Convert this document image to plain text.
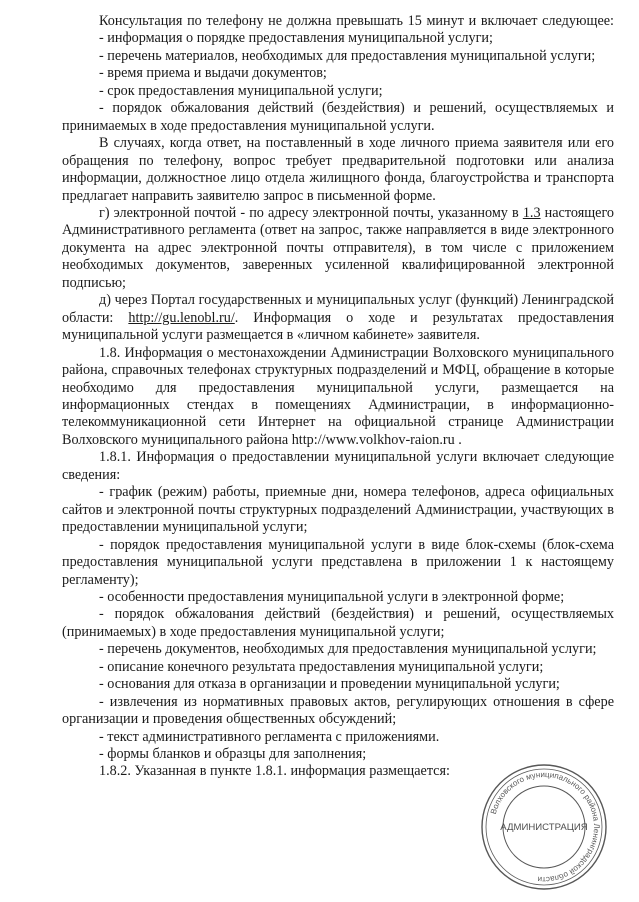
Консультация по телефону не должна превышать 15 минут и включает следующее:

- информация о порядке предоставления муниципальной услуги;

- перечень материалов, необходимых для предоставления муниципальной услуги;

- время приема и выдачи документов;

- срок предоставления муниципальной услуги;

- порядок обжалования действий (бездействия) и решений, осуществляемых и принимаемых в ходе предоставления муниципальной услуги.

В случаях, когда ответ, на поставленный в ходе личного приема заявителя или его обращения по телефону, вопрос требует предварительной подготовки или анализа информации, должностное лицо отдела жилищного фонда, благоустройства и транспорта предлагает направить заявителю запрос в письменной форме.

г) электронной почтой - по адресу электронной почты, указанному в 1.3 настоящего Административного регламента (ответ на запрос, также направляется в виде электронного документа на адрес электронной почты отправителя), в том числе с приложением необходимых документов, заверенных усиленной квалифицированной электронной подписью;

д) через Портал государственных и муниципальных услуг (функций) Ленинградской области: http://gu.lenobl.ru/. Информация о ходе и результатах предоставления муниципальной услуги размещается в «личном кабинете» заявителя.

1.8. Информация о местонахождении Администрации Волховского муниципального района, справочных телефонах структурных подразделений и МФЦ, обращение в которые необходимо для предоставления муниципальной услуги, размещается на информационных стендах в помещениях Администрации, в информационно-телекоммуникационной сети Интернет на официальной странице Администрации Волховского муниципального района http://www.volkhov-raion.ru .

1.8.1. Информация о предоставлении муниципальной услуги включает следующие сведения:

- график (режим) работы, приемные дни, номера телефонов, адреса официальных сайтов и электронной почты структурных подразделений Администрации, участвующих в предоставлении муниципальной услуги;

- порядок предоставления муниципальной услуги в виде блок-схемы (блок-схема предоставления муниципальной услуги представлена в приложении 1 к настоящему регламенту);

- особенности предоставления муниципальной услуги в электронной форме;

- порядок обжалования действий (бездействия) и решений, осуществляемых (принимаемых) в ходе предоставления муниципальной услуги;

- перечень документов, необходимых для предоставления муниципальной услуги;

- описание конечного результата предоставления муниципальной услуги;

- основания для отказа в организации и проведении муниципальной услуги;

- извлечения из нормативных правовых актов, регулирующих отношения в сфере организации и проведения общественных обсуждений;

- текст административного регламента с приложениями.

- формы бланков и образцы для заполнения;

1.8.2. Указанная в пункте 1.8.1. информация размещается:

Волховского муниципального района Ленинградской области
АДМИНИСТРАЦИЯ
